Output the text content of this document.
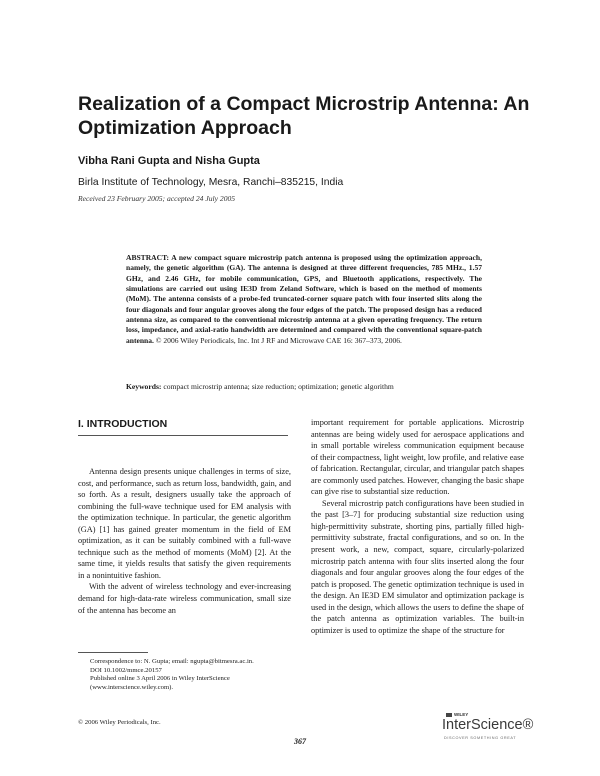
Realization of a Compact Microstrip Antenna: An Optimization Approach
Vibha Rani Gupta and Nisha Gupta
Birla Institute of Technology, Mesra, Ranchi–835215, India
Received 23 February 2005; accepted 24 July 2005
ABSTRACT: A new compact square microstrip patch antenna is proposed using the optimization approach, namely, the genetic algorithm (GA). The antenna is designed at three different frequencies, 785 MHz., 1.57 GHz, and 2.46 GHz, for mobile communication, GPS, and Bluetooth applications, respectively. The simulations are carried out using IE3D from Zeland Software, which is based on the method of moments (MoM). The antenna consists of a probe-fed truncated-corner square patch with four inserted slits along the four diagonals and four angular grooves along the four edges of the patch. The proposed design has a reduced antenna size, as compared to the conventional microstrip antenna at a given operating frequency. The return loss, impedance, and axial-ratio handwidth are determined and compared with the conventional square-patch antenna. © 2006 Wiley Periodicals, Inc. Int J RF and Microwave CAE 16: 367–373, 2006.
Keywords: compact microstrip antenna; size reduction; optimization; genetic algorithm
I. INTRODUCTION

Antenna design presents unique challenges in terms of size, cost, and performance, such as return loss, bandwidth, gain, and so forth. As a result, designers usually take the approach of combining the full-wave technique used for EM analysis with the optimization technique. In particular, the genetic algorithm (GA) [1] has gained greater momentum in the field of EM optimization, as it can be suitably combined with a full-wave technique such as the method of moments (MoM) [2]. At the same time, it yields results that satisfy the given requirements in a nonintuitive fashion.

With the advent of wireless technology and ever-increasing demand for high-data-rate wireless communication, small size of the antenna has become an

important requirement for portable applications. Microstrip antennas are being widely used for aerospace applications and in small portable wireless communication equipment because of their compactness, light weight, low profile, and relative ease of fabrication. Rectangular, circular, and triangular patch shapes are commonly used patches. However, changing the basic shape can give rise to substantial size reduction.

Several microstrip patch configurations have been studied in the past [3–7] for producing substantial size reduction using high-permittivity substrate, shorting pins, partially filled high-permittivity substrate, fractal configurations, and so on. In the present work, a new, compact, square, circularly-polarized microstrip patch antenna with four slits inserted along the four diagonals and four angular grooves along the four edges of the patch is proposed. The genetic optimization technique is used in the design. An IE3D EM simulator and optimization package is used in the design, which allows the users to define the shape of the patch antenna as optimization variables. The built-in optimizer is used to optimize the shape of the structure for

Correspondence to: N. Gupta; email: ngupta@bitmesra.ac.in.
DOI 10.1002/mmce.20157
Published online 3 April 2006 in Wiley InterScience (www.interscience.wiley.com).
© 2006 Wiley Periodicals, Inc.
367
WILEY
InterScience®
DISCOVER SOMETHING GREAT
